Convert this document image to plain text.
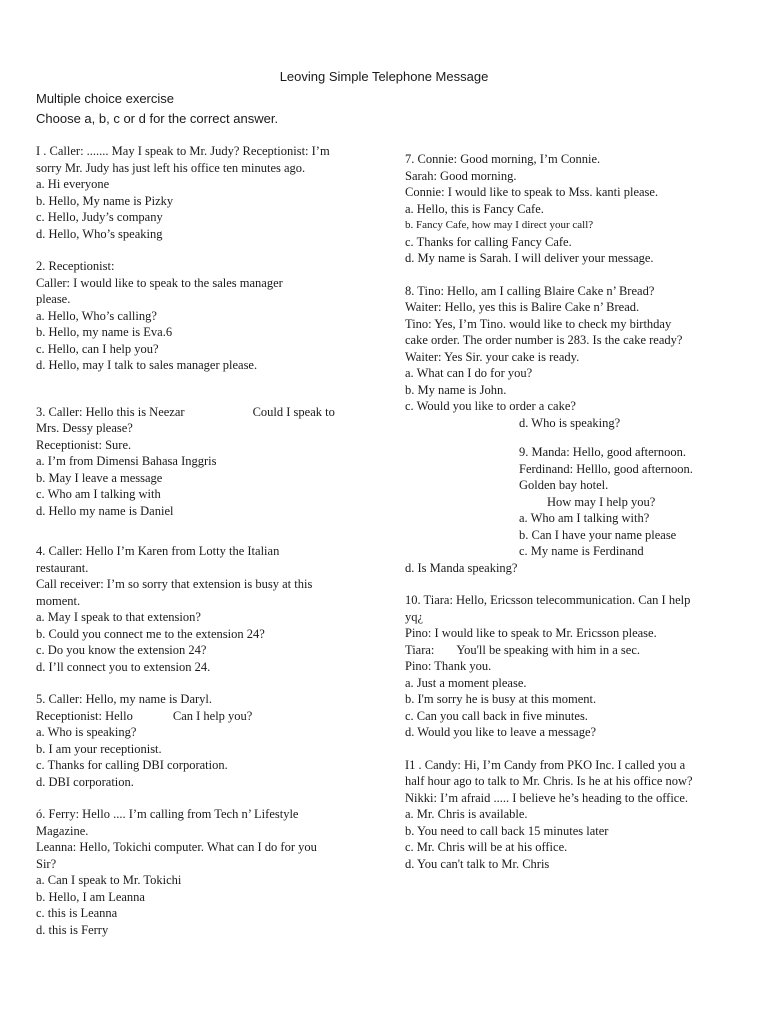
Leoving Simple Telephone Message
Multiple choice exercise
Choose a, b, c or d for the correct answer.
I . Caller: ....... May I speak to Mr. Judy? Receptionist: I’m
sorry Mr. Judy has just left his office ten minutes ago.
a. Hi everyone
b. Hello, My name is Pizky
c. Hello, Judy’s company
d. Hello, Who’s speaking
2. Receptionist:
Caller: I would like to speak to the sales manager
please.
a. Hello, Who’s calling?
b. Hello, my name is Eva.6
c. Hello, can I help you?
d. Hello, may I talk to sales manager please.
3. Caller: Hello this is Neezar	Could I speak to
Mrs. Dessy please?
Receptionist: Sure.
a. I’m from Dimensi Bahasa Inggris
b. May I leave a message
c. Who am I talking with
d. Hello my name is Daniel
4. Caller: Hello I’m Karen from Lotty the Italian
restaurant.
Call receiver: I’m so sorry that extension is busy at this
moment.
a. May I speak to that extension?
b. Could you connect me to the extension 24?
c. Do you know the extension 24?
d. I’ll connect you to extension 24.
5. Caller: Hello, my name is Daryl.
Receptionist: Hello	Can I help you?
a. Who is speaking?
b. I am your receptionist.
c. Thanks for calling DBI corporation.
d. DBI corporation.
ó. Ferry: Hello .... I’m calling from Tech n’ Lifestyle
Magazine.
Leanna: Hello, Tokichi computer. What can I do for you
Sir?
a. Can I speak to Mr. Tokichi
b. Hello, I am Leanna
c. this is Leanna
d. this is Ferry
7. Connie: Good morning, I’m Connie.
Sarah: Good morning.
Connie: I would like to speak to Mss. kanti please.
a. Hello, this is Fancy Cafe.
b. Fancy Cafe, how may I direct your call?
c. Thanks for calling Fancy Cafe.
d. My name is Sarah. I will deliver your message.
8. Tino: Hello, am I calling Blaire Cake n’ Bread?
Waiter: Hello, yes this is Balire Cake n’ Bread.
Tino: Yes, I’m Tino. would like to check my birthday
cake order. The order number is 283. Is the cake ready?
Waiter: Yes Sir. your cake is ready.
a. What can I do for you?
b. My name is John.
c. Would you like to order a cake?
d. Who is speaking?
9. Manda: Hello, good afternoon.
Ferdinand: Helllo, good afternoon.
Golden bay hotel.
How may I help you?
a. Who am I talking with?
b. Can I have your name please
c. My name is Ferdinand
d. Is Manda speaking?
10. Tiara: Hello, Ericsson telecommunication. Can I help
yq¿
Pino: I would like to speak to Mr. Ericsson please.
Tiara: You'll be speaking with him in a sec.
Pino: Thank you.
a. Just a moment please.
b. I'm sorry he is busy at this moment.
c. Can you call back in five minutes.
d. Would you like to leave a message?
I1 . Candy: Hi, I’m Candy from PKO Inc. I called you a
half hour ago to talk to Mr. Chris. Is he at his office now?
Nikki: I’m afraid ..... I believe he’s heading to the office.
a. Mr. Chris is available.
b. You need to call back 15 minutes later
c. Mr. Chris will be at his office.
d. You can't talk to Mr. Chris
